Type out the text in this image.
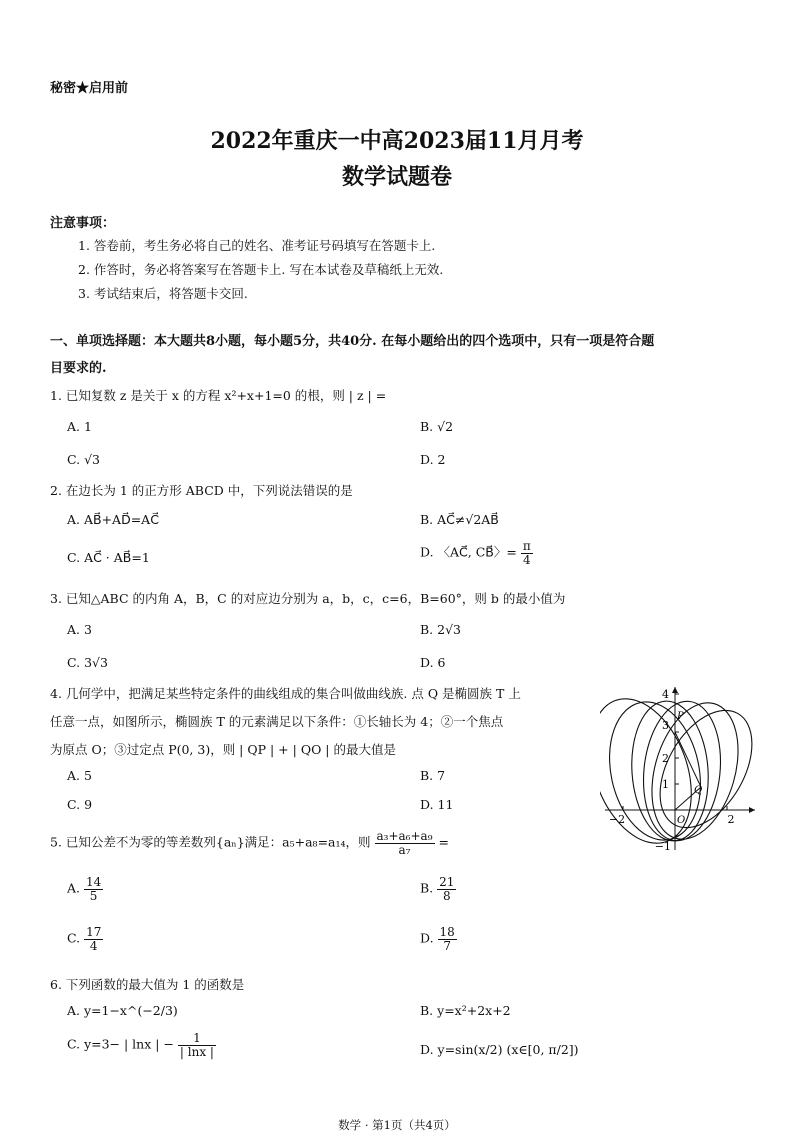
秘密★启用前
2022年重庆一中高2023届11月月考
数学试题卷
注意事项：
1. 答卷前，考生务必将自己的姓名、准考证号码填写在答题卡上.
2. 作答时，务必将答案写在答题卡上. 写在本试卷及草稿纸上无效.
3. 考试结束后，将答题卡交回.
一、单项选择题：本大题共8小题，每小题5分，共40分. 在每小题给出的四个选项中，只有一项是符合题
目要求的.
1. 已知复数 z 是关于 x 的方程 x²+x+1=0 的根，则 | z | =
A. 1	B. √2
C. √3	D. 2
2. 在边长为 1 的正方形 ABCD 中，下列说法错误的是
A. AB⃗+AD⃗=AC⃗	B. AC⃗≠√2AB⃗
C. AC⃗ · AB⃗=1	D. 〈AC⃗, CB⃗〉= $\frac{\pi}{4}$
3. 已知△ABC 的内角 A，B，C 的对应边分别为 a，b，c，c=6，B=60°，则 b 的最小值为
A. 3	B. 2√3
C. 3√3	D. 6
4. 几何学中，把满足某些特定条件的曲线组成的集合叫做曲线族. 点 Q 是椭圆族 T 上
任意一点，如图所示，椭圆族 T 的元素满足以下条件：①长轴长为 4；②一个焦点
为原点 O；③过定点 P(0, 3)，则 | QP | + | QO | 的最大值是
A. 5	B. 7
C. 9	D. 11
4
3
2
1
−1
−2	2
P
Q
O
5. 已知公差不为零的等差数列{aₙ}满足：a₅+a₈=a₁₄，则 $\frac{\text{a₃+a₆+a₉}}{\text{a₇}}$ =
A. $\frac{14}{5}$	B. $\frac{21}{8}$
C. $\frac{17}{4}$	D. $\frac{18}{7}$
6. 下列函数的最大值为 1 的函数是
A. y=1−x^(−2/3)	B. y=x²+2x+2
C. y=3− | lnx | − $\frac{1}{| \ln x |}$	D. y=sin(x/2) (x∈[0, π/2])
数学 · 第1页（共4页）
